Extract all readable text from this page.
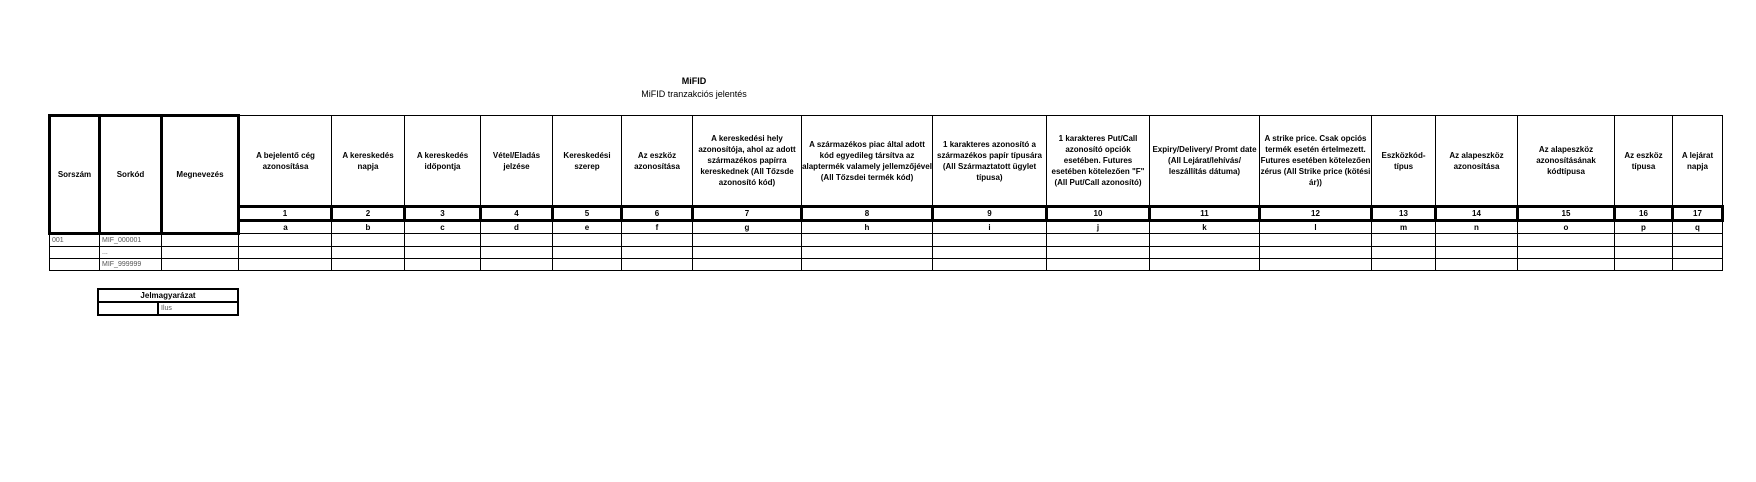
MiFID
MiFID tranzakciós jelentés
Sorszám	Sorkód	Megnevezés	A bejelentő cég azonosítása	A kereskedés napja	A kereskedés időpontja	Vétel/Eladás jelzése	Kereskedési szerep	Az eszköz azonosítása	A kereskedési hely azonosítója, ahol az adott származékos papírra kereskednek (All Tőzsde azonosító kód)	A származékos piac által adott kód egyedileg társítva az alaptermék valamely jellemzőjével (All Tőzsdei termék kód)	1 karakteres azonosító a származékos papír típusára (All Származtatott ügylet típusa)	1 karakteres Put/Call azonosító opciók esetében. Futures esetében kötelezően "F" (All Put/Call azonosító)	Expiry/Delivery/ Promt date (All Lejárat/lehívás/ leszállítás dátuma)	A strike price. Csak opciós termék esetén értelmezett. Futures esetében kötelezően zérus (All Strike price (kötési ár))	Eszközkód-típus	Az alapeszköz azonosítása	Az alapeszköz azonosításának kódtípusa	Az eszköz típusa	A lejárat napja
			1	2	3	4	5	6	7	8	9	10	11	12	13	14	15	16	17
			a	b	c	d	e	f	g	h	i	j	k	l	m	n	o	p	q
001	MIF_000001																		
	...																		
	MIF_999999																		
Jelmagyarázat
	Ilus
